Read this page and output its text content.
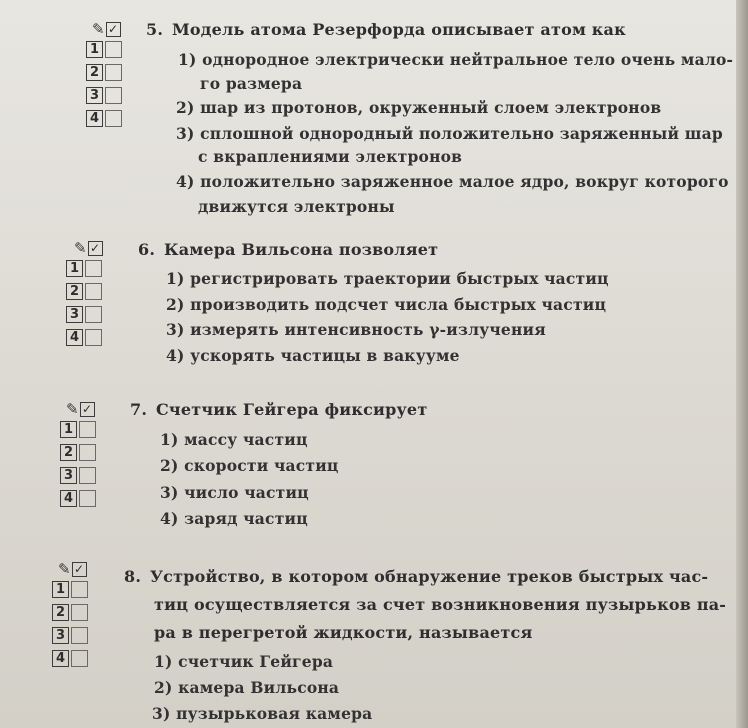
✎ ✓
1
2
3
4
5. Модель атома Резерфорда описывает атом как
1) однородное электрически нейтральное тело очень мало-
го размера
2) шар из протонов, окруженный слоем электронов
3) сплошной однородный положительно заряженный шар
с вкраплениями электронов
4) положительно заряженное малое ядро, вокруг которого
движутся электроны
✎ ✓
1
2
3
4
6. Камера Вильсона позволяет
1) регистрировать траектории быстрых частиц
2) производить подсчет числа быстрых частиц
3) измерять интенсивность γ-излучения
4) ускорять частицы в вакууме
✎ ✓
1
2
3
4
7. Счетчик Гейгера фиксирует
1) массу частиц
2) скорости частиц
3) число частиц
4) заряд частиц
✎ ✓
1
2
3
4
8. Устройство, в котором обнаружение треков быстрых час-
тиц осуществляется за счет возникновения пузырьков па-
ра в перегретой жидкости, называется
1) счетчик Гейгера
2) камера Вильсона
3) пузырьковая камера
